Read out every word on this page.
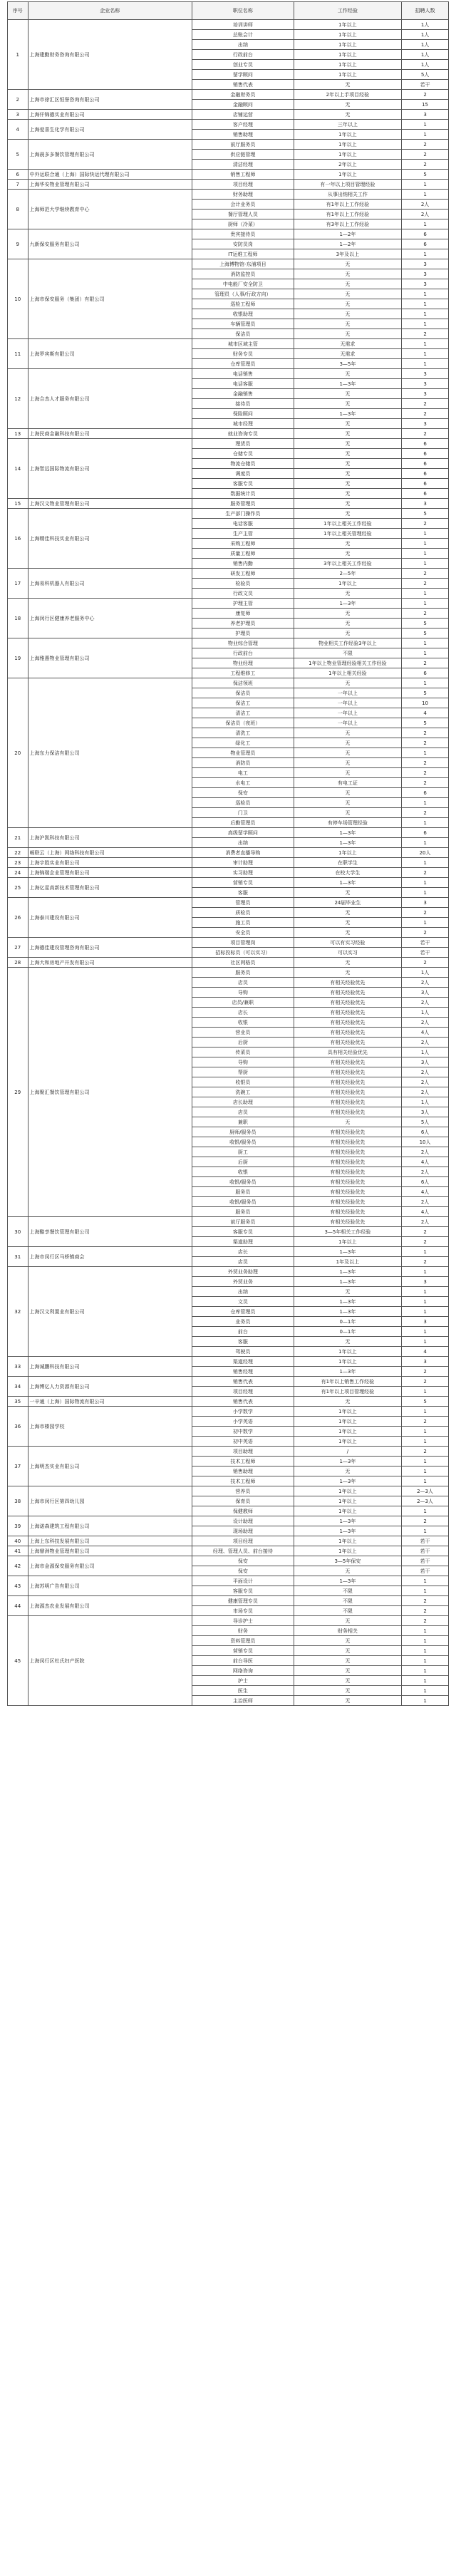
序号	企业名称	职位名称	工作经验	招聘人数
1	上海建勤财务咨询有限公司	培训讲师	1年以上	1人
		总账会计	1年以上	1人
		出纳	1年以上	1人
		行政前台	1年以上	1人
		创业专员	1年以上	1人
		留学顾问	1年以上	5人
		销售代表	无	若干
2	上海市徐汇区恒誉咨询有限公司	金融财务员	2年以上手项目经验	2
		金融顾问	无	15
3	上海仟锦德实业有限公司	店铺运营	无	3
4	上海爱喜生化学有限公司	客户经理	三年以上	1
		销售助理	1年以上	1
5	上海晨多多餐饮管理有限公司	前厅服务员	1年以上	2
		供应链管理	1年以上	2
		清洁经理	2年以上	2
6	中外运联合通（上海）国际快运代理有限公司	销售工程师	1年以上	5
7	上海华安物业管理有限公司	项目经理	有一年以上项目管理经验	1
8	上海师范大学继续教育中心	财务助理	从事出纳相关工作	1
		会计业务员	有1年以上工作经验	2人
		餐厅管理人员	有1年以上工作经验	2人
		厨师（冷菜）	有3年以上工作经验	1
9	九新保安服务有限公司	贵宾接待员	1—2年	6
		安防员岗	1—2年	6
		IT运维工程师	3年及以上	1
10	上海市保安服务（集团）有限公司	上海博物馆-东浦项目	无	3
		消防监控员	无	3
		中电能厂安全防卫	无	3
		管理员（人事/行政方向）	无	1
		巡检工程师	无	1
		收银助理	无	1
		车辆管理员	无	1
		保洁员	无	2
11	上海罗宾斯有限公司	城市区域主管	无需求	1
		财务专员	无需求	1
		仓库管理员	3—5年	1
12	上海合杰人才服务有限公司	电话销售	无	3
		电话客服	1—3年	3
		金融销售	无	3
		接待员	无	2
		保险顾问	1—3年	2
		城市经理	无	3
13	上海民商金融科技有限公司	就业咨询专员	无	2
14	上海智远国际物流有限公司	理货员	无	6
		仓储专员	无	6
		物流仓储员	无	6
		调度员	无	6
		客服专员	无	6
		数据统计员	无	6
15	上海汉文物业管理有限公司	服务管理员	无	3
16	上海精佳科技实业有限公司	生产部门操作员	无	5
		电话客服	1年以上相关工作经验	2
		生产主管	1年以上相关管理经验	1
		采购工程师	无	1
		质量工程师	无	1
		销售内勤	3年以上相关工作经验	1
17	上海易科机器人有限公司	研发工程师	2—5年	2
		检验员	1年以上	2
		行政文员	无	1
18	上海闵行区健康养老服务中心	护理主管	1—3年	1
		康复师	无	2
		养老护理员	无	5
		护理员	无	5
19	上海雅惠物业管理有限公司	物业综合管理	物业相关工作经验3年以上	1
		行政前台	不限	1
		物业经理	1年以上物业管理经验相关工作经验	2
		工程维修工	1年以上相关经验	6
20	上海东力保洁有限公司	保洁领班	无	1
		保洁员	一年以上	5
		保洁工	一年以上	10
		清洁工	一年以上	4
		保洁员（夜班）	一年以上	5
		清洗工	无	2
		绿化工	无	2
		物业管理员	无	1
		消防员	无	2
		电工	无	2
		水电工	有电工证	2
		保安	无	6
		巡检员	无	1
		门卫	无	2
		后勤管理员	有停车场管理经验	1
21	上海沪凯科技有限公司	高级留学顾问	1—3年	6
		出纳	1—3年	1
22	畅联云（上海）网络科技有限公司	消费者直播导购	1年以上	20人
23	上海宇胜实业有限公司	审计助理	在职学生	1
24	上海锦瑞企业管理有限公司	实习助理	在校大学生	2
25	上海亿星高新技术管理有限公司	营销专员	1—3年	1
		客服	无	1
26	上海泰川建设有限公司	管理员	24届毕业生	3
		质检员	无	2
		施工员	无	1
		安全员	无	2
27	上海德佳建设管理咨询有限公司	项目管理岗	可以有实习经验	若干
		招标投标员（可以实习）	可以实习	若干
28	上海大和房地产开发有限公司	社区网格员	无	2
29	上海聚汇餐饮管理有限公司	服务员	无	1人
		店员	有相关经验优先	2人
		导购	有相关经验优先	3人
		店员/兼职	有相关经验优先	2人
		店长	有相关经验优先	1人
		收银	有相关经验优先	2人
		营业员	有相关经验优先	4人
		后厨	有相关经验优先	2人
		传菜员	具有相关经验优先	1人
		导购	有相关经验优先	3人
		帮厨	有相关经验优先	2人
		收银员	有相关经验优先	2人
		洗碗工	有相关经验优先	2人
		店长助理	有相关经验优先	1人
		店员	有相关经验优先	3人
		兼职	无	5人
		厨师/服务员	有相关经验优先	6人
		收银/服务员	有相关经验优先	10人
		厨工	有相关经验优先	2人
		后厨	有相关经验优先	4人
		收银	有相关经验优先	2人
		收银/服务员	有相关经验优先	6人
		服务员	有相关经验优先	4人
		收银/服务员	有相关经验优先	2人
		服务员	有相关经验优先	4人
30	上海酷享餐饮管理有限公司	前厅服务员	有相关经验优先	2人
		客服专员	3—5年相关工作经验	2
		渠道助理	1年以上	2
31	上海市闵行区马桥镇商会	店长	1—3年	1
		店员	1年及以上	2
32	上海汉文利置业有限公司	外贸业务助理	1—3年	1
		外贸业务	1—3年	3
		出纳	无	1
		文员	1—3年	1
		仓库管理员	1—3年	1
		业务员	0—1年	3
		前台	0—1年	1
		客服	无	1
		驾驶员	1年以上	4
33	上海诚鹏科技有限公司	渠道经理	1年以上	3
		销售经理	1—3年	2
34	上海博亿人力资源有限公司	销售代表	有1年以上销售工作经验	2
		项目经理	有1年以上项目管理经验	1
35	一辛通（上海）国际物流有限公司	销售代表	无	5
36	上海市榛园学校	小学数学	1年以上	1
		小学英语	1年以上	2
		初中数学	1年以上	1
		初中英语	1年以上	1
37	上海明杰实业有限公司	项目助理	/	2
		技术工程师	1—3年	1
		销售助理	无	1
		技术工程师	1—3年	1
38	上海市闵行区第四幼儿园	营养员	1年以上	2—3人
		保育员	1年以上	2—3人
		保健教师	1年以上	1
39	上海诺森建筑工程有限公司	设计助理	1—3年	2
		现场助理	1—3年	1
40	上海上东科技发展有限公司	项目经理	1年以上	若干
41	上海鼎洲物业管理有限公司	经理、管理人员、前台接待	1年以上	若干
42	上海市金源保安服务有限公司	保安	3—5年保安	若干
		保安	无	若干
43	上海苏明广告有限公司	平面设计	1—3年	1
		客服专员	不限	1
44	上海源杰农业发展有限公司	健康管理专员	不限	2
		市场专员	不限	2
45	上海闵行区杜氏妇产医院	导诊护士	无	2
		财务	财务相关	1
		资料管理员	无	1
		营销专员	无	1
		前台导医	无	1
		网络咨询	无	1
		护士	无	1
		医生	无	1
		主治医师	无	1
